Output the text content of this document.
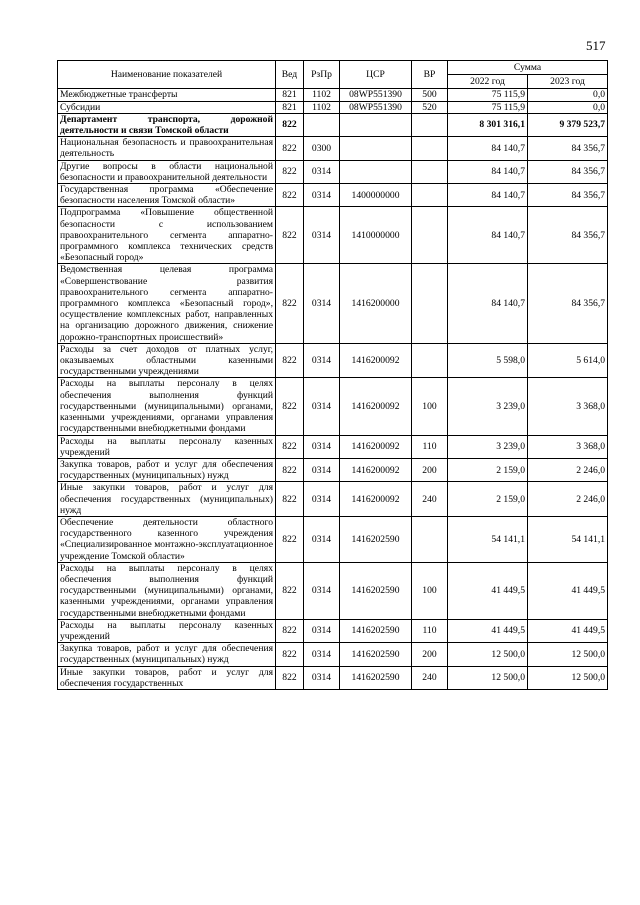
517
Наименование показателей	Вед	РзПр	ЦСР	ВР	Сумма	
					2022 год	2023 год
Межбюджетные трансферты	821	1102	08WP551390	500	75 115,9	0,0
Субсидии	821	1102	08WP551390	520	75 115,9	0,0
Департамент транспорта, дорожной деятельности и связи Томской области	822				8 301 316,1	9 379 523,7
Национальная безопасность и правоохранительная деятельность	822	0300			84 140,7	84 356,7
Другие вопросы в области национальной безопасности и правоохранительной деятельности	822	0314			84 140,7	84 356,7
Государственная программа «Обеспечение безопасности населения Томской области»	822	0314	1400000000		84 140,7	84 356,7
Подпрограмма «Повышение общественной безопасности с использованием правоохранительного сегмента аппаратно-программного комплекса технических средств «Безопасный город»	822	0314	1410000000		84 140,7	84 356,7
Ведомственная целевая программа «Совершенствование развития правоохранительного сегмента аппаратно-программного комплекса «Безопасный город», осуществление комплексных работ, направленных на организацию дорожного движения, снижение дорожно-транспортных происшествий»	822	0314	1416200000		84 140,7	84 356,7
Расходы за счет доходов от платных услуг, оказываемых областными казенными государственными учреждениями	822	0314	1416200092		5 598,0	5 614,0
Расходы на выплаты персоналу в целях обеспечения выполнения функций государственными (муниципальными) органами, казенными учреждениями, органами управления государственными внебюджетными фондами	822	0314	1416200092	100	3 239,0	3 368,0
Расходы на выплаты персоналу казенных учреждений	822	0314	1416200092	110	3 239,0	3 368,0
Закупка товаров, работ и услуг для обеспечения государственных (муниципальных) нужд	822	0314	1416200092	200	2 159,0	2 246,0
Иные закупки товаров, работ и услуг для обеспечения государственных (муниципальных) нужд	822	0314	1416200092	240	2 159,0	2 246,0
Обеспечение деятельности областного государственного казенного учреждения «Специализированное монтажно-эксплуатационное учреждение Томской области»	822	0314	1416202590		54 141,1	54 141,1
Расходы на выплаты персоналу в целях обеспечения выполнения функций государственными (муниципальными) органами, казенными учреждениями, органами управления государственными внебюджетными фондами	822	0314	1416202590	100	41 449,5	41 449,5
Расходы на выплаты персоналу казенных учреждений	822	0314	1416202590	110	41 449,5	41 449,5
Закупка товаров, работ и услуг для обеспечения государственных (муниципальных) нужд	822	0314	1416202590	200	12 500,0	12 500,0
Иные закупки товаров, работ и услуг для обеспечения государственных	822	0314	1416202590	240	12 500,0	12 500,0
